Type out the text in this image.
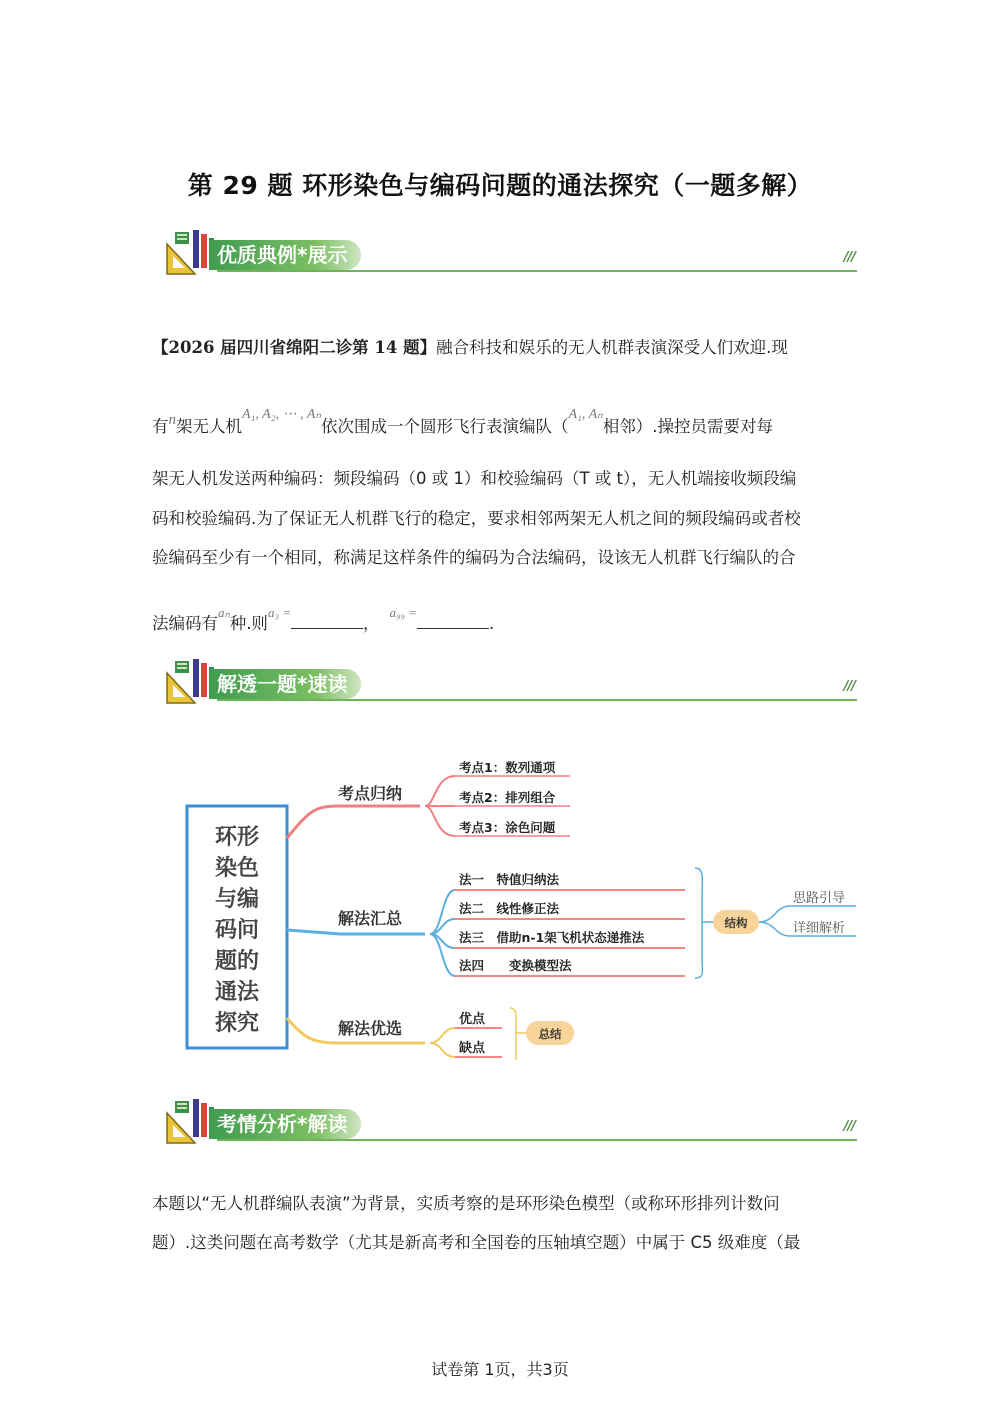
第 29 题 环形染色与编码问题的通法探究（一题多解）
优质典例*展示	///
【2026 届四川省绵阳二诊第 14 题】融合科技和娱乐的无人机群表演深受人们欢迎.现
有n架无人机$^{A_1, A_2, \cdots , A_n}$依次围成一个圆形飞行表演编队（$^{A_1, A_n}$相邻）.操控员需要对每
架无人机发送两种编码：频段编码（0 或 1）和校验编码（T 或 t），无人机端接收频段编
码和校验编码.为了保证无人机群飞行的稳定，要求相邻两架无人机之间的频段编码或者校
验编码至少有一个相同，称满足这样条件的编码为合法编码，设该无人机群飞行编队的合
法编码有$^{a_n}$种.则$^{a_3 =}$，$^{a_{99} =}$.
解透一题*速读	///
环形
染色
与编
码问
题的
通法
探究
考点归纳
考点1：数列通项
考点2：排列组合
考点3：涂色问题
解法汇总
法一　特值归纳法
法二　线性修正法
法三　借助n-1架飞机状态递推法
法四　　变换模型法
结构
思路引导
详细解析
解法优选	优点
缺点
总结
考情分析*解读	///
本题以“无人机群编队表演”为背景，实质考察的是环形染色模型（或称环形排列计数问
题）.这类问题在高考数学（尤其是新高考和全国卷的压轴填空题）中属于 C5 级难度（最
试卷第 1页，共3页
